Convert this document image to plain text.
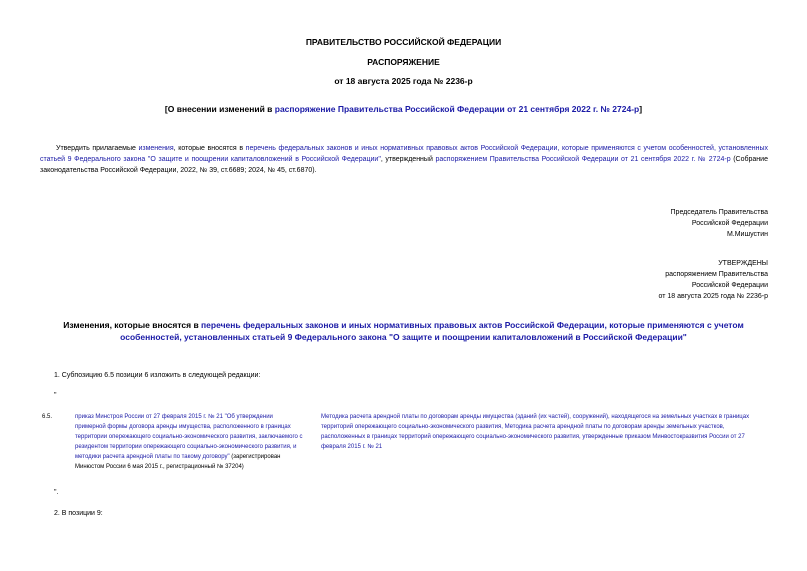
ПРАВИТЕЛЬСТВО РОССИЙСКОЙ ФЕДЕРАЦИИ
РАСПОРЯЖЕНИЕ
от 18 августа 2025 года № 2236-р
[О внесении изменений в распоряжение Правительства Российской Федерации от 21 сентября 2022 г. № 2724-р]
Утвердить прилагаемые изменения, которые вносятся в перечень федеральных законов и иных нормативных правовых актов Российской Федерации, которые применяются с учетом особенностей, установленных статьей 9 Федерального закона "О защите и поощрении капиталовложений в Российской Федерации", утвержденный распоряжением Правительства Российской Федерации от 21 сентября 2022 г. № 2724-р (Собрание законодательства Российской Федерации, 2022, № 39, ст.6689; 2024, № 45, ст.6870).
Председатель Правительства
Российской Федерации
М.Мишустин
УТВЕРЖДЕНЫ
распоряжением Правительства
Российской Федерации
от 18 августа 2025 года № 2236-р
Изменения, которые вносятся в перечень федеральных законов и иных нормативных правовых актов Российской Федерации, которые применяются с учетом особенностей, установленных статьей 9 Федерального закона "О защите и поощрении капиталовложений в Российской Федерации"
1. Субпозицию 6.5 позиции 6 изложить в следующей редакции:
"
6.5.	приказ Минстроя России от 27 февраля 2015 г. № 21 "Об утверждении примерной формы договора аренды имущества, расположенного в границах территории опережающего социально-экономического развития, заключаемого с резидентом территории опережающего социально-экономического развития, и методики расчета арендной платы по такому договору" (зарегистрирован Минюстом России 6 мая 2015 г., регистрационный № 37204)
Методика расчета арендной платы по договорам аренды имущества (зданий (их частей), сооружений), находящегося на земельных участках в границах территорий опережающего социально-экономического развития, Методика расчета арендной платы по договорам аренды земельных участков, расположенных в границах территорий опережающего социально-экономического развития, утвержденные приказом Минвостокразвития России от 27 февраля 2015 г. № 21
".
2. В позиции 9:
